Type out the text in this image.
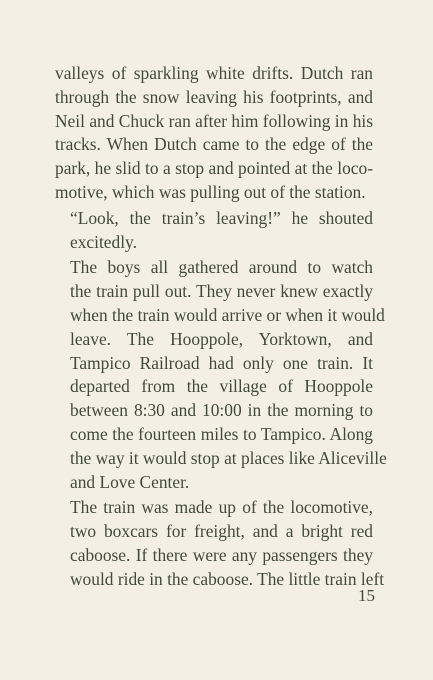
valleys of sparkling white drifts. Dutch ran
through the snow leaving his footprints, and
Neil and Chuck ran after him following in his
tracks. When Dutch came to the edge of the
park, he slid to a stop and pointed at the loco-
motive, which was pulling out of the station.

“Look, the train’s leaving!” he shouted
excitedly.

The boys all gathered around to watch
the train pull out. They never knew exactly
when the train would arrive or when it would
leave. The Hooppole, Yorktown, and
Tampico Railroad had only one train. It
departed from the village of Hooppole
between 8:30 and 10:00 in the morning to
come the fourteen miles to Tampico. Along
the way it would stop at places like Aliceville
and Love Center.

The train was made up of the locomotive,
two boxcars for freight, and a bright red
caboose. If there were any passengers they
would ride in the caboose. The little train left

15
